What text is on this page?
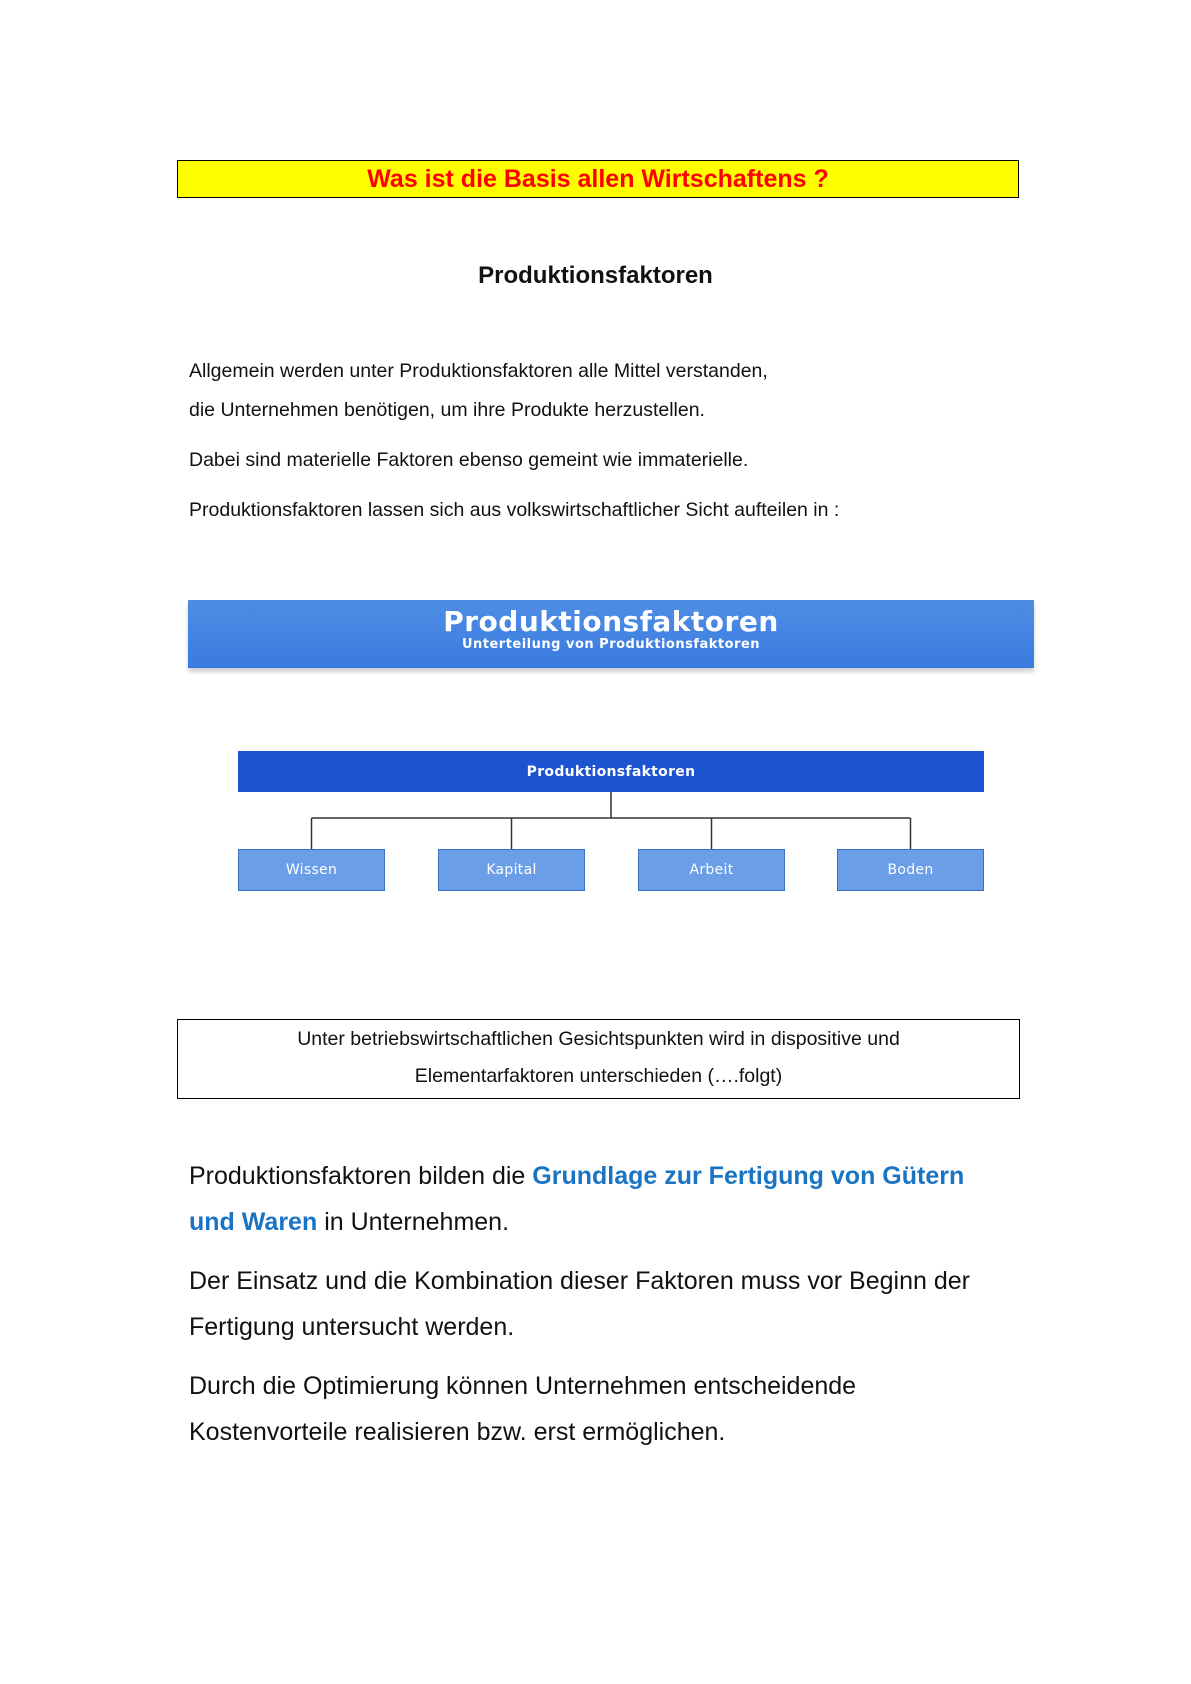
Was ist die Basis allen Wirtschaftens ?
Produktionsfaktoren

Allgemein werden unter Produktionsfaktoren alle Mittel verstanden,

die Unternehmen benötigen, um ihre Produkte herzustellen.

Dabei sind materielle Faktoren ebenso gemeint wie immaterielle.

Produktionsfaktoren lassen sich aus volkswirtschaftlicher Sicht aufteilen in :

Produktionsfaktoren
Unterteilung von Produktionsfaktoren
Produktionsfaktoren
Wissen	Kapital	Arbeit	Boden

Unter betriebswirtschaftlichen Gesichtspunkten wird in dispositive und

Elementarfaktoren unterschieden (….folgt)

Produktionsfaktoren bilden die Grundlage zur Fertigung von Gütern

und Waren in Unternehmen.

Der Einsatz und die Kombination dieser Faktoren muss vor Beginn der

Fertigung untersucht werden.

Durch die Optimierung können Unternehmen entscheidende

Kostenvorteile realisieren bzw. erst ermöglichen.
